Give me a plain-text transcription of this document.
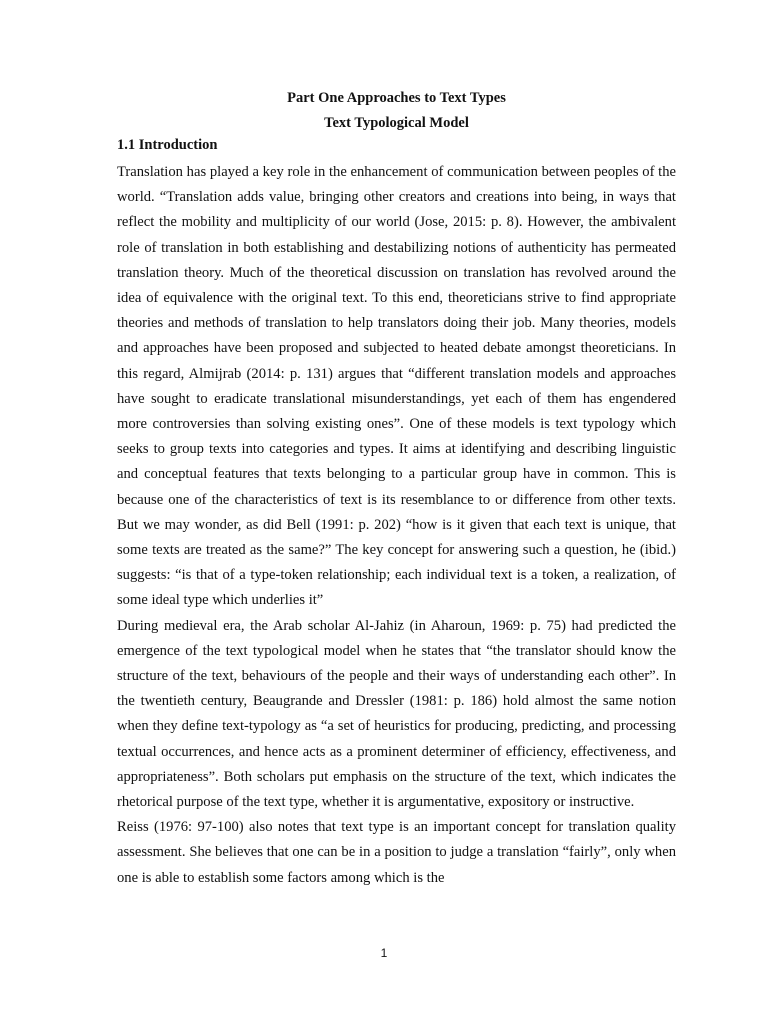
Part One Approaches to Text Types

Text Typological Model

1.1 Introduction

Translation has played a key role in the enhancement of communication between peoples of the world. “Translation adds value, bringing other creators and creations into being, in ways that reflect the mobility and multiplicity of our world (Jose, 2015: p. 8). However, the ambivalent role of translation in both establishing and destabilizing notions of authenticity has permeated translation theory. Much of the theoretical discussion on translation has revolved around the idea of equivalence with the original text. To this end, theoreticians strive to find appropriate theories and methods of translation to help translators doing their job. Many theories, models and approaches have been proposed and subjected to heated debate amongst theoreticians. In this regard, Almijrab (2014: p. 131) argues that “different translation models and approaches have sought to eradicate translational misunderstandings, yet each of them has engendered more controversies than solving existing ones”. One of these models is text typology which seeks to group texts into categories and types. It aims at identifying and describing linguistic and conceptual features that texts belonging to a particular group have in common. This is because one of the characteristics of text is its resemblance to or difference from other texts. But we may wonder, as did Bell (1991: p. 202) “how is it given that each text is unique, that some texts are treated as the same?” The key concept for answering such a question, he (ibid.) suggests: “is that of a type-token relationship; each individual text is a token, a realization, of some ideal type which underlies it”

During medieval era, the Arab scholar Al-Jahiz (in Aharoun, 1969: p. 75) had predicted the emergence of the text typological model when he states that “the translator should know the structure of the text, behaviours of the people and their ways of understanding each other”. In the twentieth century, Beaugrande and Dressler (1981: p. 186) hold almost the same notion when they define text-typology as “a set of heuristics for producing, predicting, and processing textual occurrences, and hence acts as a prominent determiner of efficiency, effectiveness, and appropriateness”. Both scholars put emphasis on the structure of the text, which indicates the rhetorical purpose of the text type, whether it is argumentative, expository or instructive.

Reiss (1976: 97-100) also notes that text type is an important concept for translation quality assessment. She believes that one can be in a position to judge a translation “fairly”, only when one is able to establish some factors among which is the

1
